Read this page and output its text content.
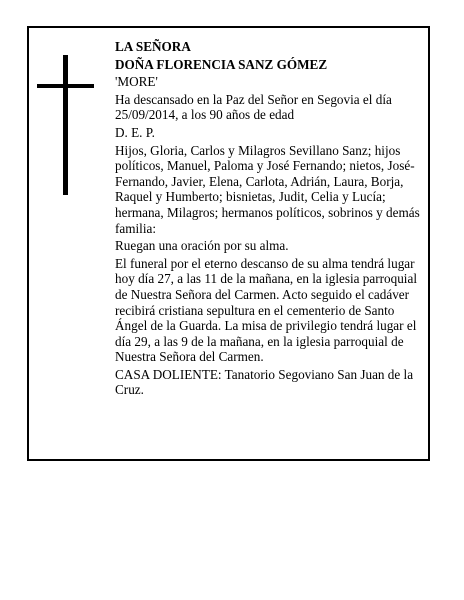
LA SEÑORA

DOÑA FLORENCIA SANZ GÓMEZ

'MORE'

Ha descansado en la Paz del Señor en Segovia el día 25/09/2014, a los 90 años de edad

D. E. P.

Hijos, Gloria, Carlos y Milagros Sevillano Sanz; hijos políticos, Manuel, Paloma y José Fernando; nietos, José-Fernando, Javier, Elena, Carlota, Adrián, Laura, Borja, Raquel y Humberto; bisnietas, Judit, Celia y Lucía; hermana, Milagros; hermanos políticos, sobrinos y demás familia:

Ruegan una oración por su alma.

El funeral por el eterno descanso de su alma tendrá lugar hoy día 27, a las 11 de la mañana, en la iglesia parroquial de Nuestra Señora del Carmen. Acto seguido el cadáver recibirá cristiana sepultura en el cementerio de Santo Ángel de la Guarda. La misa de privilegio tendrá lugar el día 29, a las 9 de la mañana, en la iglesia parroquial de Nuestra Señora del Carmen.

CASA DOLIENTE: Tanatorio Segoviano San Juan de la Cruz.
